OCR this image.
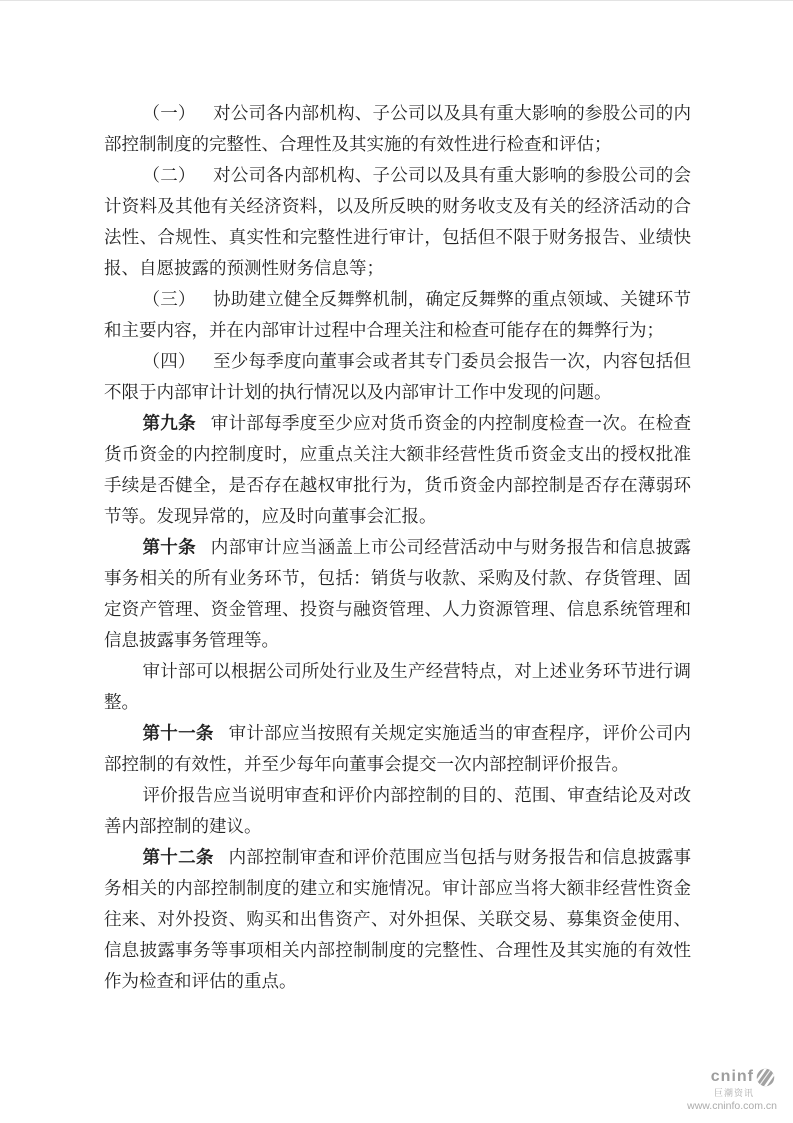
（一） 对公司各内部机构、子公司以及具有重大影响的参股公司的内部控制制度的完整性、合理性及其实施的有效性进行检查和评估；

（二） 对公司各内部机构、子公司以及具有重大影响的参股公司的会计资料及其他有关经济资料，以及所反映的财务收支及有关的经济活动的合法性、合规性、真实性和完整性进行审计，包括但不限于财务报告、业绩快报、自愿披露的预测性财务信息等；

（三） 协助建立健全反舞弊机制，确定反舞弊的重点领域、关键环节和主要内容，并在内部审计过程中合理关注和检查可能存在的舞弊行为；

（四） 至少每季度向董事会或者其专门委员会报告一次，内容包括但不限于内部审计计划的执行情况以及内部审计工作中发现的问题。

第九条 审计部每季度至少应对货币资金的内控制度检查一次。在检查货币资金的内控制度时，应重点关注大额非经营性货币资金支出的授权批准手续是否健全，是否存在越权审批行为，货币资金内部控制是否存在薄弱环节等。发现异常的，应及时向董事会汇报。

第十条 内部审计应当涵盖上市公司经营活动中与财务报告和信息披露事务相关的所有业务环节，包括：销货与收款、采购及付款、存货管理、固定资产管理、资金管理、投资与融资管理、人力资源管理、信息系统管理和信息披露事务管理等。

审计部可以根据公司所处行业及生产经营特点，对上述业务环节进行调整。

第十一条 审计部应当按照有关规定实施适当的审查程序，评价公司内部控制的有效性，并至少每年向董事会提交一次内部控制评价报告。

评价报告应当说明审查和评价内部控制的目的、范围、审查结论及对改善内部控制的建议。

第十二条 内部控制审查和评价范围应当包括与财务报告和信息披露事务相关的内部控制制度的建立和实施情况。审计部应当将大额非经营性资金往来、对外投资、购买和出售资产、对外担保、关联交易、募集资金使用、信息披露事务等事项相关内部控制制度的完整性、合理性及其实施的有效性作为检查和评估的重点。

cninf
巨潮资讯
www.cninfo.com.cn
